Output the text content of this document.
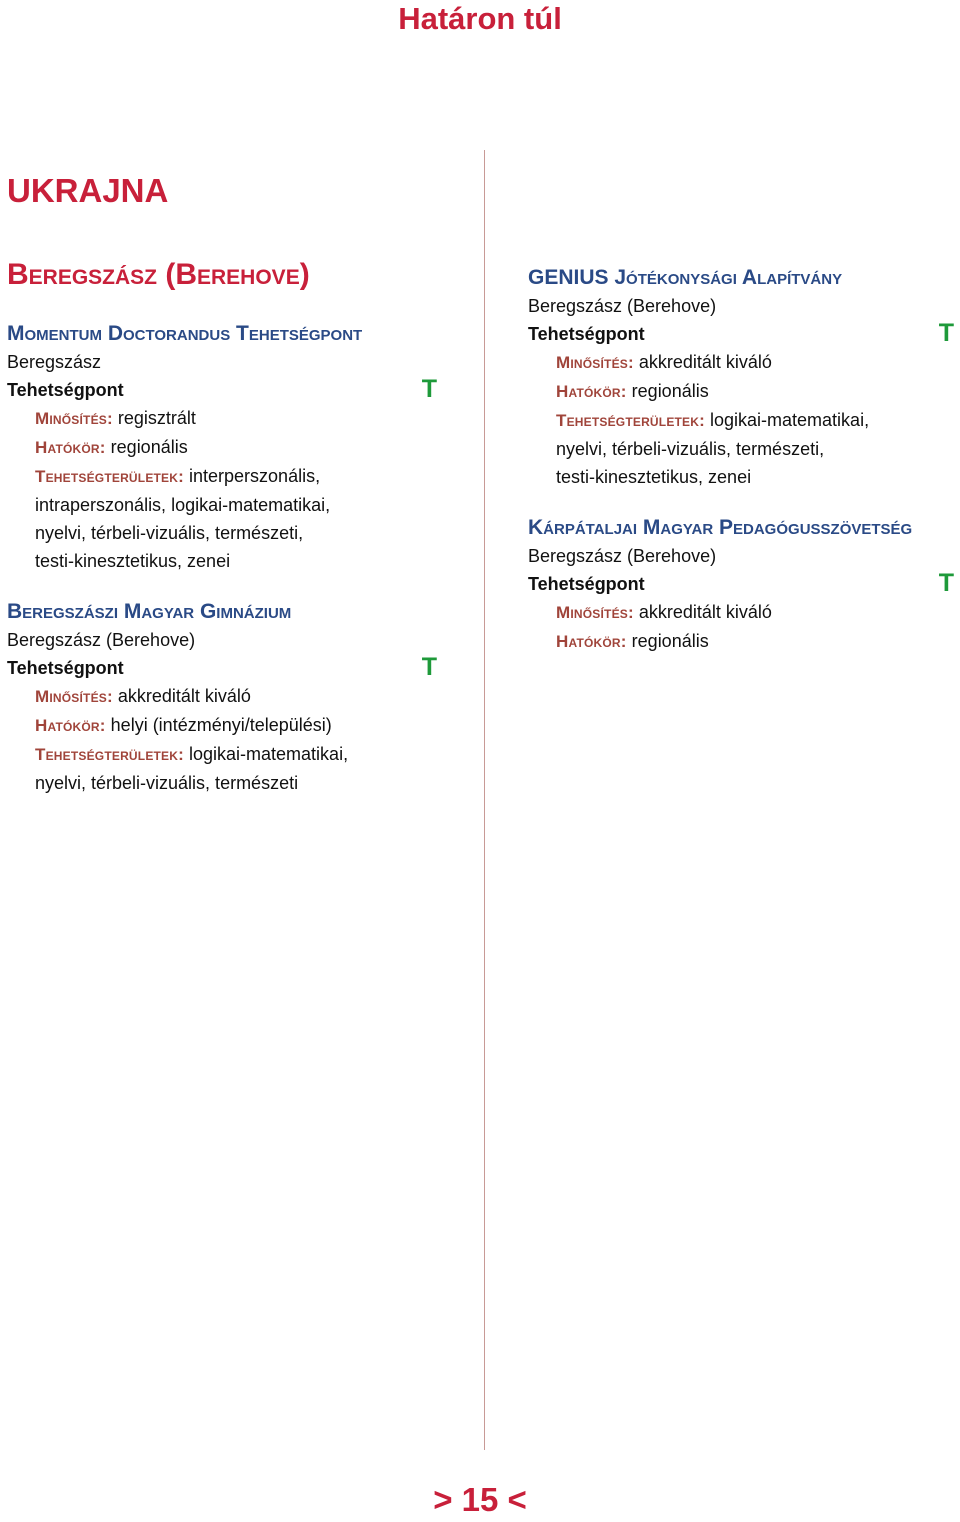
Határon túl
UKRAJNA
Beregszász (Berehove)
Momentum Doctorandus Tehetségpont
Beregszász
Tehetségpont	T
Minősítés: regisztrált
Hatókör: regionális
Tehetségterületek: interperszonális,
intraperszonális, logikai-matematikai,
nyelvi, térbeli-vizuális, természeti,
testi-kinesztetikus, zenei
Beregszászi Magyar Gimnázium
Beregszász (Berehove)
Tehetségpont	T
Minősítés: akkreditált kiváló
Hatókör: helyi (intézményi/települési)
Tehetségterületek: logikai-matematikai,
nyelvi, térbeli-vizuális, természeti
GENIUS Jótékonysági Alapítvány
Beregszász (Berehove)
Tehetségpont	T
Minősítés: akkreditált kiváló
Hatókör: regionális
Tehetségterületek: logikai-matematikai,
nyelvi, térbeli-vizuális, természeti,
testi-kinesztetikus, zenei
Kárpátaljai Magyar Pedagógusszövetség
Beregszász (Berehove)
Tehetségpont	T
Minősítés: akkreditált kiváló
Hatókör: regionális
> 15 <
